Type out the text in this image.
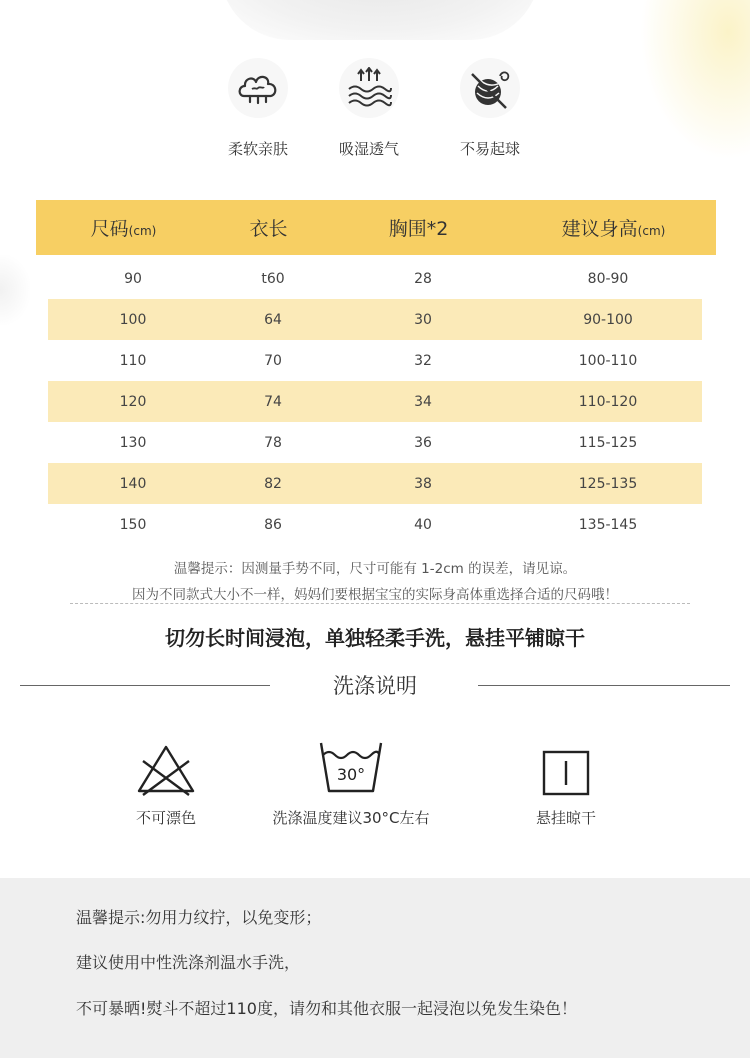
柔软亲肤	吸湿透气	不易起球
尺码(cm)	衣长	胸围*2	建议身高(cm)
90	t60	28	80-90
100	64	30	90-100
110	70	32	100-110
120	74	34	110-120
130	78	36	115-125
140	82	38	125-135
150	86	40	135-145
温馨提示：因测量手势不同，尺寸可能有 1-2cm 的误差，请见谅。
因为不同款式大小不一样，妈妈们要根据宝宝的实际身高体重选择合适的尺码哦！
切勿长时间浸泡，单独轻柔手洗，悬挂平铺晾干
洗涤说明
不可漂色
30°
洗涤温度建议30°C左右	悬挂晾干
温馨提示:勿用力纹拧，以免变形；
建议使用中性洗涤剂温水手洗，
不可暴晒!熨斗不超过110度，请勿和其他衣服一起浸泡以免发生染色！
